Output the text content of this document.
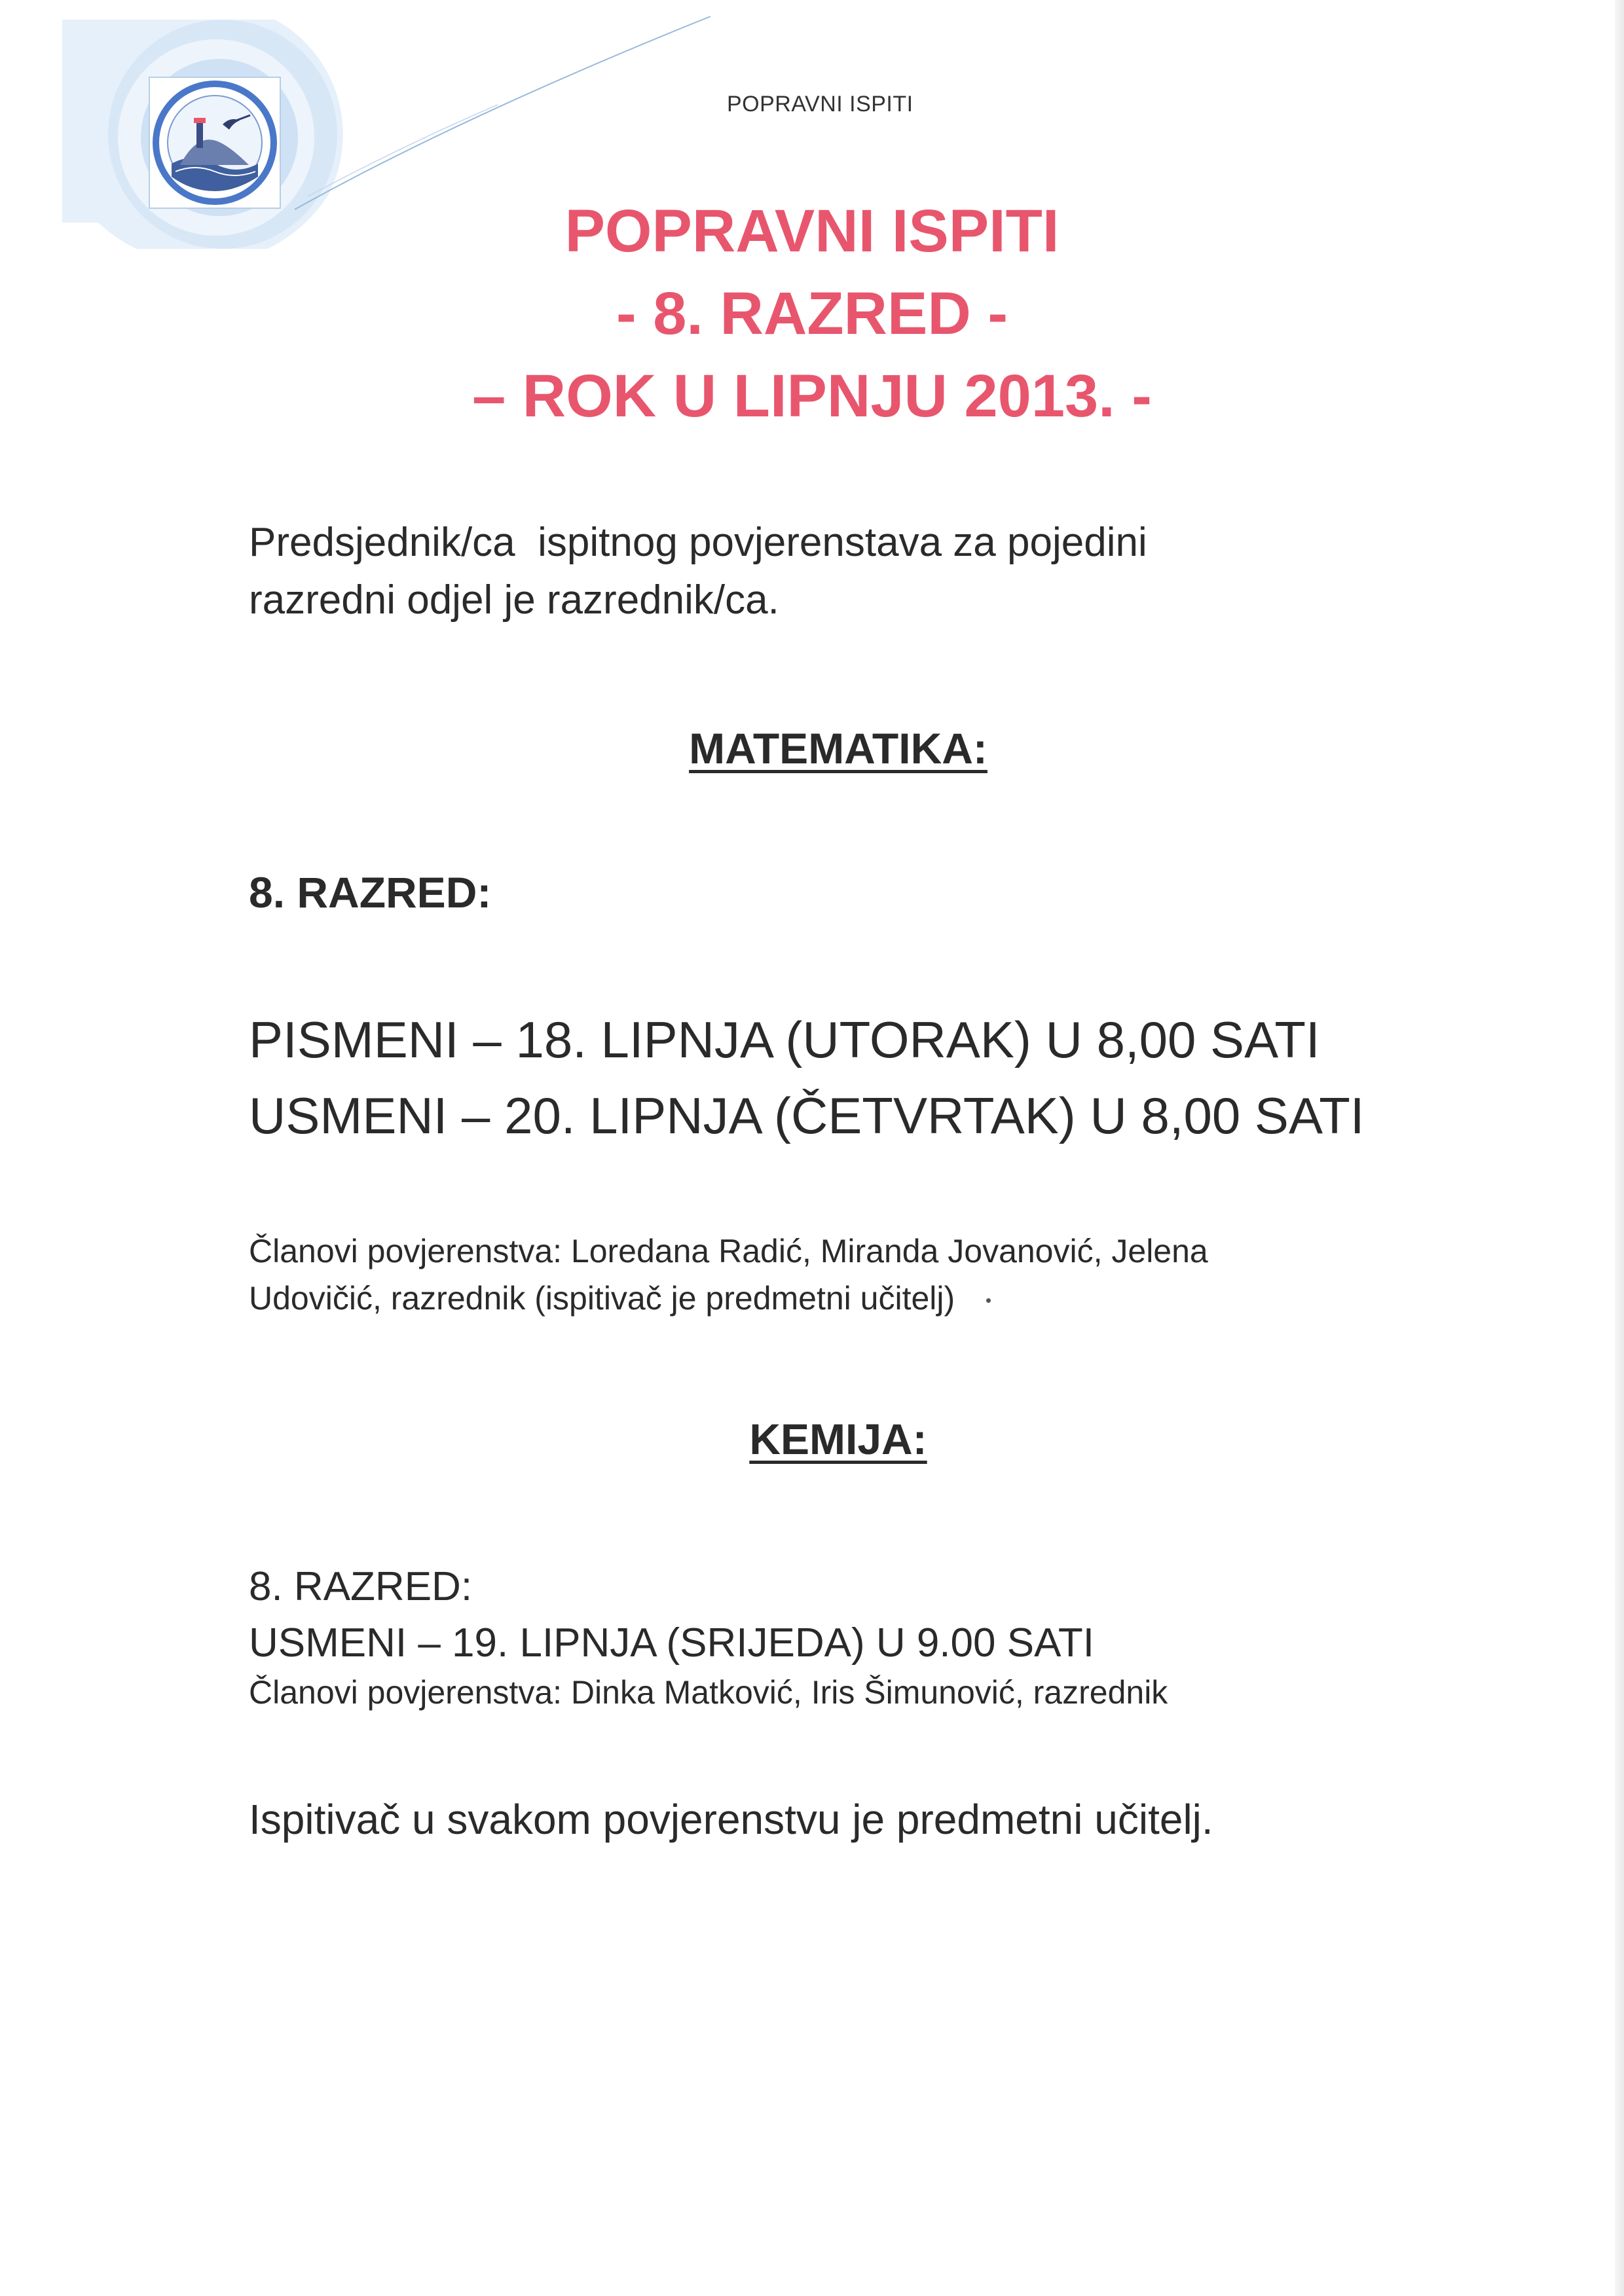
POPRAVNI ISPITI
POPRAVNI ISPITI
- 8. RAZRED -
– ROK U LIPNJU 2013. -
Predsjednik/ca  ispitnog povjerenstava za pojedini
razredni odjel je razrednik/ca.
MATEMATIKA:
8. RAZRED:
PISMENI – 18. LIPNJA (UTORAK) U 8,00 SATI
USMENI – 20. LIPNJA (ČETVRTAK) U 8,00 SATI
Članovi povjerenstva: Loredana Radić, Miranda Jovanović, Jelena
Udovičić, razrednik (ispitivač je predmetni učitelj)
KEMIJA:
8. RAZRED:
USMENI – 19. LIPNJA (SRIJEDA) U 9.00 SATI
Članovi povjerenstva: Dinka Matković, Iris Šimunović, razrednik
Ispitivač u svakom povjerenstvu je predmetni učitelj.
